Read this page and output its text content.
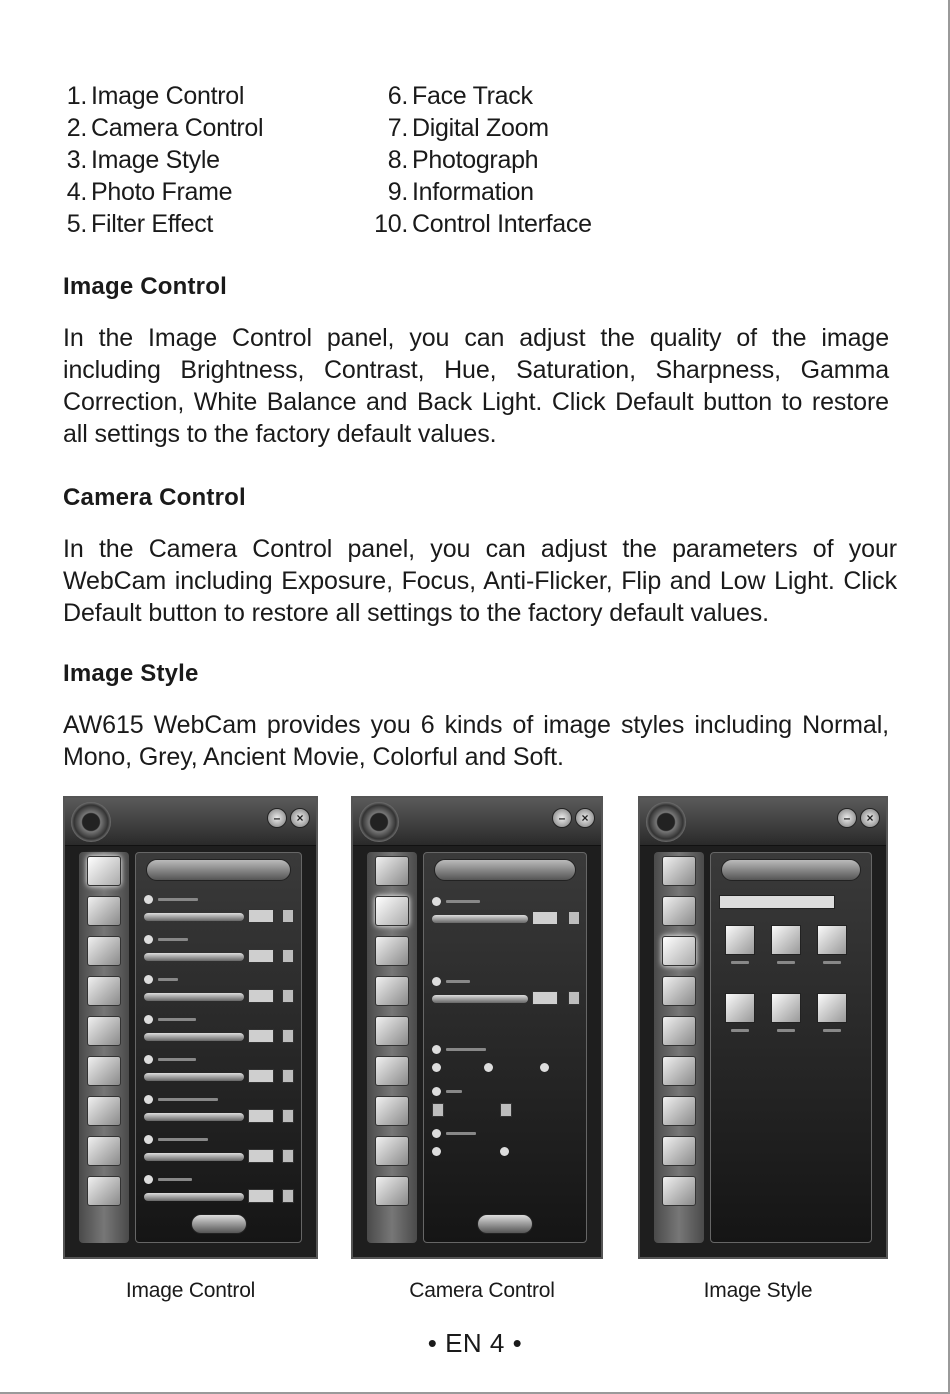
1. Image Control
2. Camera Control
3. Image Style
4. Photo Frame
5. Filter Effect
6. Face Track
7. Digital Zoom
8. Photograph
9. Information
10. Control Interface
Image Control
In the Image Control panel, you can adjust the quality of the image including Brightness, Contrast, Hue, Saturation, Sharpness, Gamma Correction, White Balance and Back Light. Click Default button to restore all settings to the factory default values.
Camera Control
In the Camera Control panel, you can adjust the parameters of your WebCam including Exposure, Focus, Anti-Flicker, Flip and Low Light. Click Default button to restore all settings to the factory default values.
Image Style
AW615 WebCam provides you 6 kinds of image styles including Normal, Mono, Grey, Ancient Movie, Colorful and Soft.
–	×	–	×	–	×
Image Control	Camera Control	Image Style
• EN 4 •
